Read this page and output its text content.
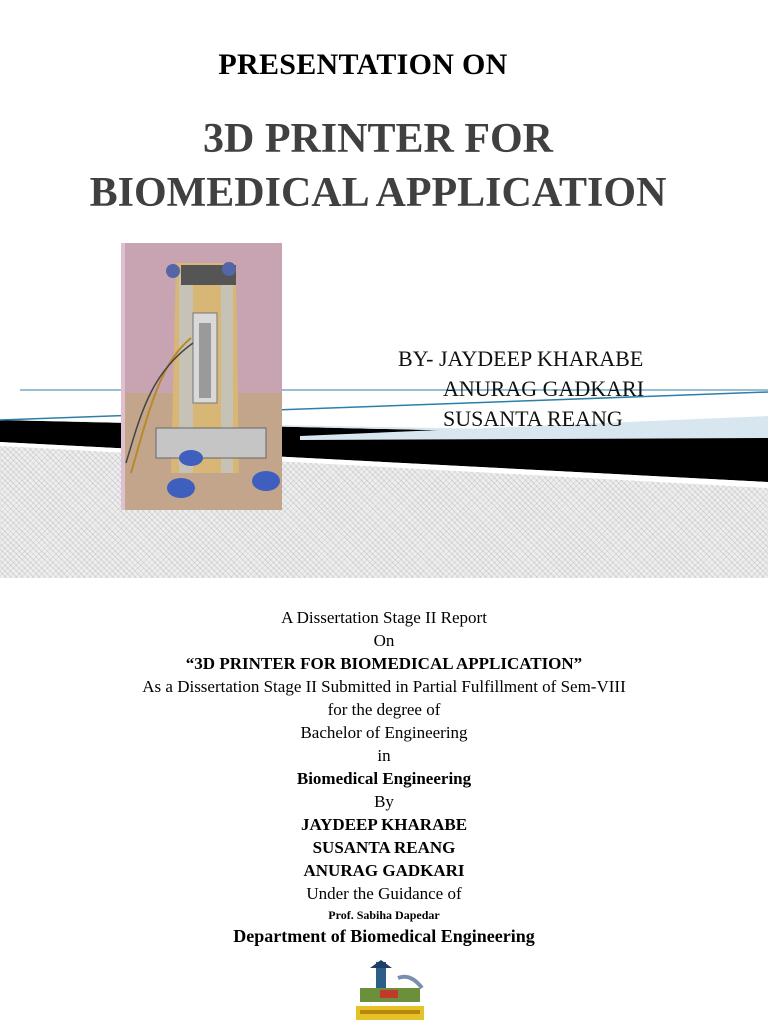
PRESENTATION ON
3D PRINTER FOR
BIOMEDICAL APPLICATION
BY- JAYDEEP KHARABE
ANURAG GADKARI
SUSANTA REANG
A Dissertation Stage II Report
On
“3D PRINTER FOR BIOMEDICAL APPLICATION”
As a Dissertation Stage II Submitted in Partial Fulfillment of Sem-VIII
for the degree of
Bachelor of Engineering
in
Biomedical Engineering
By
JAYDEEP KHARABE
SUSANTA REANG
ANURAG GADKARI
Under the Guidance of
Prof. Sabiha Dapedar
Department of Biomedical Engineering
